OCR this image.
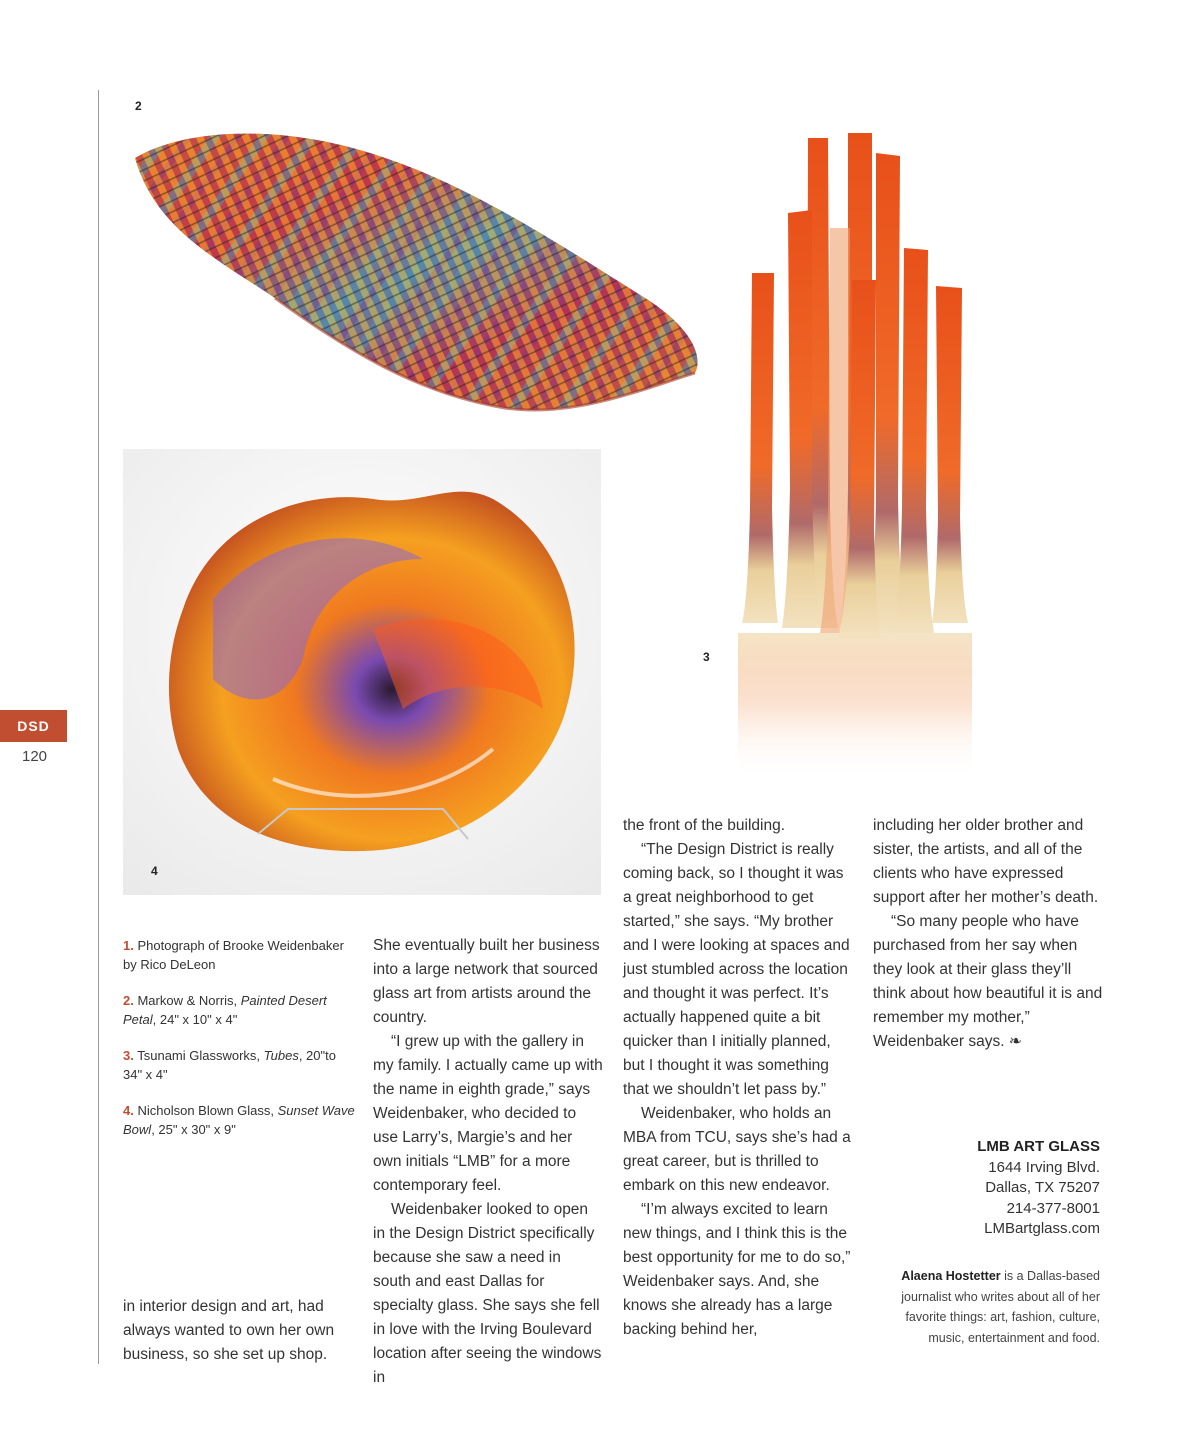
DSD
120
2
3
4
1. Photograph of Brooke Weidenbaker by Rico DeLeon
2. Markow & Norris, Painted Desert Petal, 24" x 10" x 4"
3. Tsunami Glassworks, Tubes, 20"to 34" x 4"
4. Nicholson Blown Glass, Sunset Wave Bowl, 25" x 30" x 9"

in interior design and art, had always wanted to own her own business, so she set up shop.

She eventually built her business into a large network that sourced glass art from artists around the country.

“I grew up with the gallery in my family. I actually came up with the name in eighth grade,” says Weidenbaker, who decided to use Larry’s, Margie’s and her own initials “LMB” for a more contemporary feel.

Weidenbaker looked to open in the Design District specifically because she saw a need in south and east Dallas for specialty glass. She says she fell in love with the Irving Boulevard location after seeing the windows in

the front of the building.

“The Design District is really coming back, so I thought it was a great neighborhood to get started,” she says. “My brother and I were looking at spaces and just stumbled across the location and thought it was perfect. It’s actually happened quite a bit quicker than I initially planned, but I thought it was something that we shouldn’t let pass by.”

Weidenbaker, who holds an MBA from TCU, says she’s had a great career, but is thrilled to embark on this new endeavor.

“I’m always excited to learn new things, and I think this is the best opportunity for me to do so,” Weidenbaker says. And, she knows she already has a large backing behind her,

including her older brother and sister, the artists, and all of the clients who have expressed support after her mother’s death.

“So many people who have purchased from her say when they look at their glass they’ll think about how beautiful it is and remember my mother,” Weidenbaker says. ❧

LMB ART GLASS
1644 Irving Blvd.
Dallas, TX 75207
214-377-8001
LMBartglass.com
Alaena Hostetter is a Dallas-based journalist who writes about all of her favorite things: art, fashion, culture, music, entertainment and food.
